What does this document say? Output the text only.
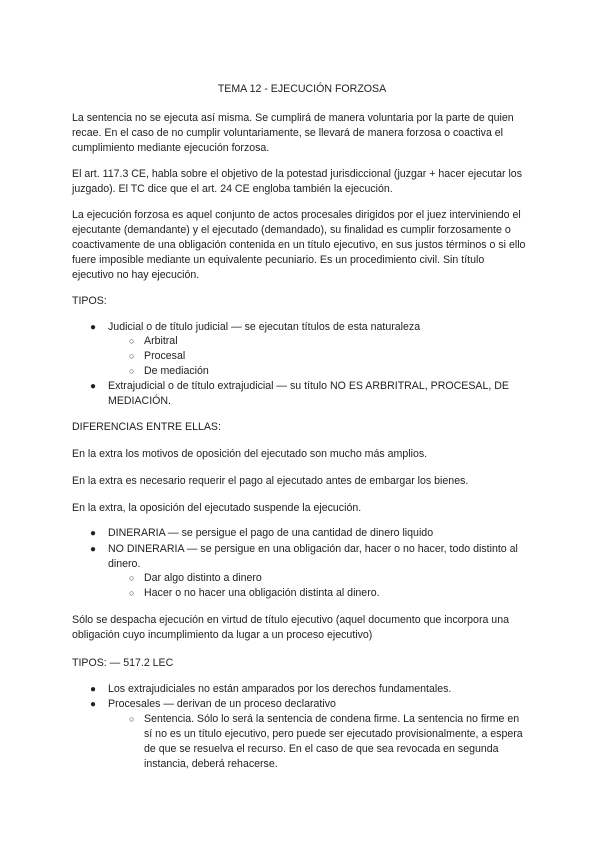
TEMA 12 - EJECUCIÓN FORZOSA

La sentencia no se ejecuta así misma. Se cumplirá de manera voluntaria por la parte de quien recae. En el caso de no cumplir voluntariamente, se llevará de manera forzosa o coactiva el cumplimiento mediante ejecución forzosa.

El art. 117.3 CE, habla sobre el objetivo de la potestad jurisdiccional (juzgar + hacer ejecutar los juzgado). El TC dice que el art. 24 CE engloba también la ejecución.

La ejecución forzosa es aquel conjunto de actos procesales dirigidos por el juez interviniendo el ejecutante (demandante) y el ejecutado (demandado), su finalidad es cumplir forzosamente o coactivamente de una obligación contenida en un título ejecutivo, en sus justos términos o si ello fuere imposible mediante un equivalente pecuniario. Es un procedimiento civil. Sin título ejecutivo no hay ejecución.

TIPOS:

● Judicial o de título judicial — se ejecutan títulos de esta naturaleza
○ Arbitral
○ Procesal
○ De mediación
● Extrajudicial o de título extrajudicial — su título NO ES ARBRITRAL, PROCESAL, DE MEDIACIÓN.

DIFERENCIAS ENTRE ELLAS:

En la extra los motivos de oposición del ejecutado son mucho más amplios.

En la extra es necesario requerir el pago al ejecutado antes de embargar los bienes.

En la extra, la oposición del ejecutado suspende la ejecución.

● DINERARIA — se persigue el pago de una cantidad de dinero liquido
● NO DINERARIA — se persigue en una obligación dar, hacer o no hacer, todo distinto al dinero.
○ Dar algo distinto a dinero
○ Hacer o no hacer una obligación distinta al dinero.

Sólo se despacha ejecución en virtud de título ejecutivo (aquel documento que incorpora una obligación cuyo incumplimiento da lugar a un proceso ejecutivo)

TIPOS: — 517.2 LEC

● Los extrajudiciales no están amparados por los derechos fundamentales.
● Procesales — derivan de un proceso declarativo
○ Sentencia. Sólo lo será la sentencia de condena firme. La sentencia no firme en sí no es un título ejecutivo, pero puede ser ejecutado provisionalmente, a espera de que se resuelva el recurso. En el caso de que sea revocada en segunda instancia, deberá rehacerse.
